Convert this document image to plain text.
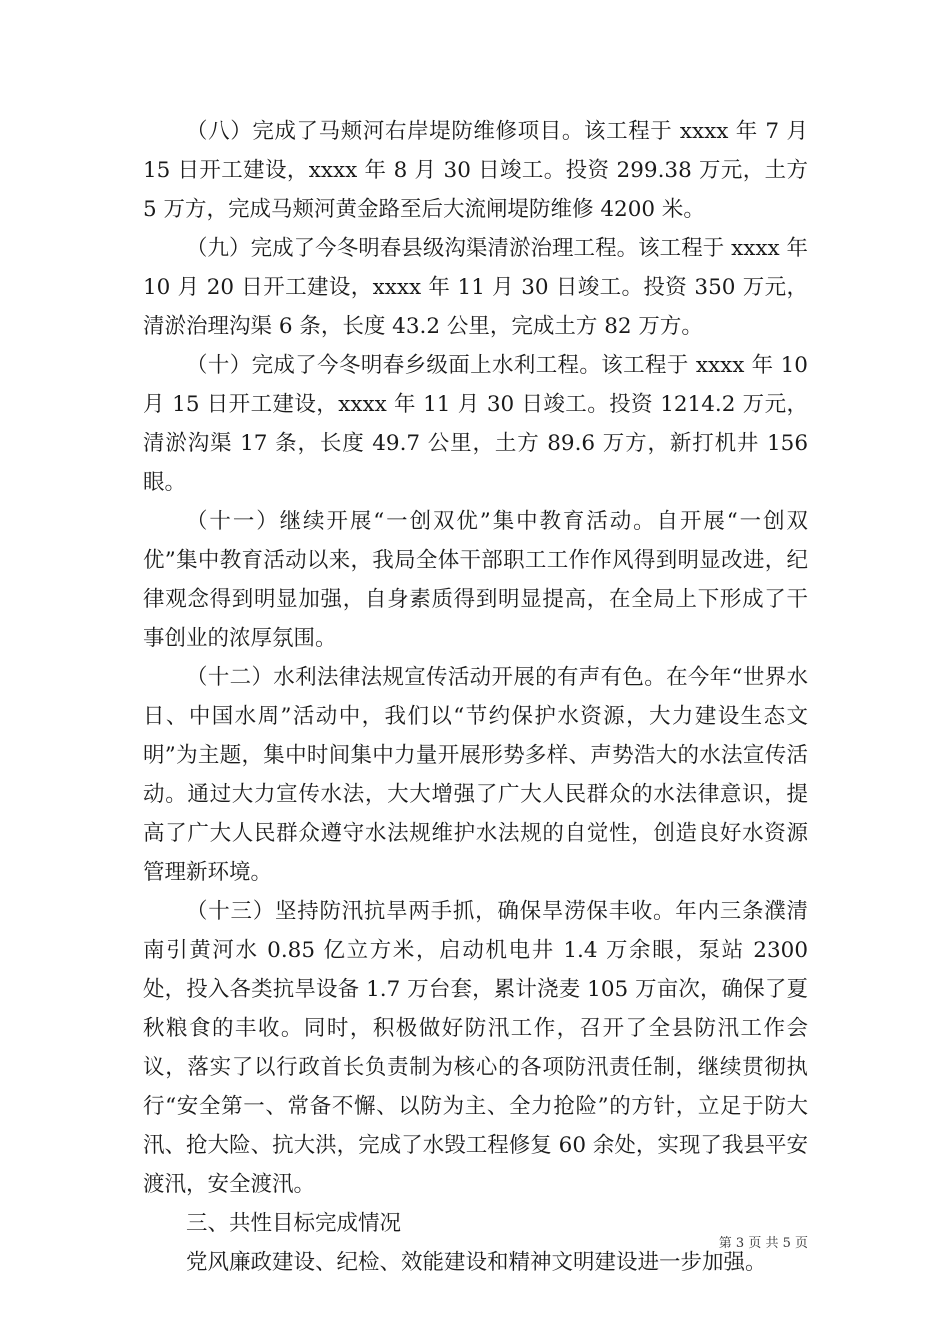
（八）完成了马颊河右岸堤防维修项目。该工程于 xxxx 年 7 月 15 日开工建设，xxxx 年 8 月 30 日竣工。投资 299.38 万元，土方 5 万方，完成马颊河黄金路至后大流闸堤防维修 4200 米。

（九）完成了今冬明春县级沟渠清淤治理工程。该工程于 xxxx 年 10 月 20 日开工建设，xxxx 年 11 月 30 日竣工。投资 350 万元，清淤治理沟渠 6 条，长度 43.2 公里，完成土方 82 万方。

（十）完成了今冬明春乡级面上水利工程。该工程于 xxxx 年 10 月 15 日开工建设，xxxx 年 11 月 30 日竣工。投资 1214.2 万元，清淤沟渠 17 条，长度 49.7 公里，土方 89.6 万方，新打机井 156 眼。

（十一）继续开展“一创双优”集中教育活动。自开展“一创双优”集中教育活动以来，我局全体干部职工工作作风得到明显改进，纪律观念得到明显加强，自身素质得到明显提高，在全局上下形成了干事创业的浓厚氛围。

（十二）水利法律法规宣传活动开展的有声有色。在今年“世界水日、中国水周”活动中，我们以“节约保护水资源，大力建设生态文明”为主题，集中时间集中力量开展形势多样、声势浩大的水法宣传活动。通过大力宣传水法，大大增强了广大人民群众的水法律意识，提高了广大人民群众遵守水法规维护水法规的自觉性，创造良好水资源管理新环境。

（十三）坚持防汛抗旱两手抓，确保旱涝保丰收。年内三条濮清南引黄河水 0.85 亿立方米，启动机电井 1.4 万余眼，泵站 2300 处，投入各类抗旱设备 1.7 万台套，累计浇麦 105 万亩次，确保了夏秋粮食的丰收。同时，积极做好防汛工作，召开了全县防汛工作会议，落实了以行政首长负责制为核心的各项防汛责任制，继续贯彻执行“安全第一、常备不懈、以防为主、全力抢险”的方针，立足于防大汛、抢大险、抗大洪，完成了水毁工程修复 60 余处，实现了我县平安渡汛，安全渡汛。

三、共性目标完成情况

党风廉政建设、纪检、效能建设和精神文明建设进一步加强。

第 3 页 共 5 页
